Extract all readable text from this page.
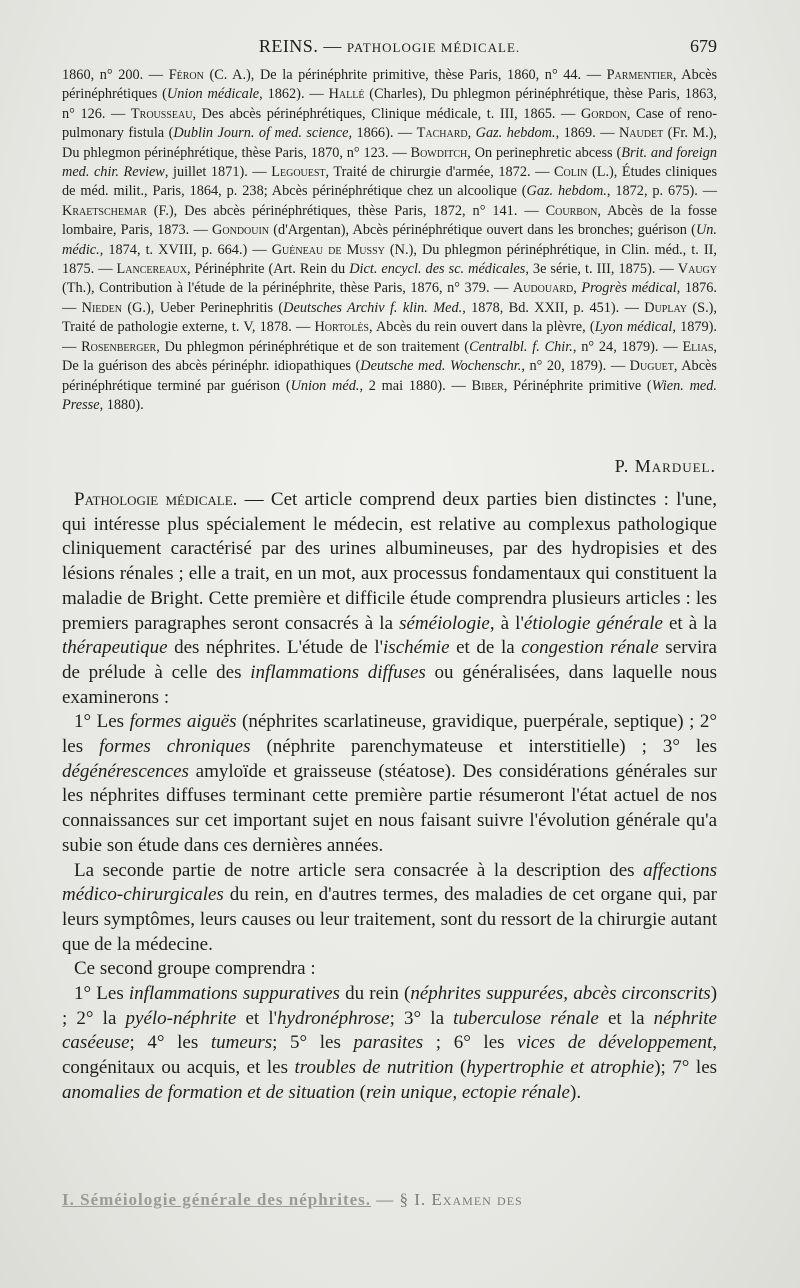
REINS. — PATHOLOGIE MÉDICALE.	679

1860, n° 200. — Féron (C. A.), De la périnéphrite primitive, thèse Paris, 1860, n° 44. — Parmentier, Abcès périnéphrétiques (Union médicale, 1862). — Hallé (Charles), Du phlegmon périnéphrétique, thèse Paris, 1863, n° 126. — Trousseau, Des abcès périnéphrétiques, Clinique médicale, t. III, 1865. — Gordon, Case of reno-pulmonary fistula (Dublin Journ. of med. science, 1866). — Tachard, Gaz. hebdom., 1869. — Naudet (Fr. M.), Du phlegmon périnéphrétique, thèse Paris, 1870, n° 123. — Bowditch, On perinephretic abcess (Brit. and foreign med. chir. Review, juillet 1871). — Legouest, Traité de chirurgie d'armée, 1872. — Colin (L.), Études cliniques de méd. milit., Paris, 1864, p. 238; Abcès périnéphrétique chez un alcoolique (Gaz. hebdom., 1872, p. 675). — Kraetschemar (F.), Des abcès périnéphrétiques, thèse Paris, 1872, n° 141. — Courbon, Abcès de la fosse lombaire, Paris, 1873. — Gondouin (d'Argentan), Abcès périnéphrétique ouvert dans les bronches; guérison (Un. médic., 1874, t. XVIII, p. 664.) — Guéneau de Mussy (N.), Du phlegmon périnéphrétique, in Clin. méd., t. II, 1875. — Lancereaux, Périnéphrite (Art. Rein du Dict. encycl. des sc. médicales, 3e série, t. III, 1875). — Vaugy (Th.), Contribution à l'étude de la périnéphrite, thèse Paris, 1876, n° 379. — Audouard, Progrès médical, 1876. — Nieden (G.), Ueber Perinephritis (Deutsches Archiv f. klin. Med., 1878, Bd. XXII, p. 451). — Duplay (S.), Traité de pathologie externe, t. V, 1878. — Hortolès, Abcès du rein ouvert dans la plèvre, (Lyon médical, 1879). — Rosenberger, Du phlegmon périnéphrétique et de son traitement (Centralbl. f. Chir., n° 24, 1879). — Elias, De la guérison des abcès périnéphr. idiopathiques (Deutsche med. Wochenschr., n° 20, 1879). — Duguet, Abcès périnéphrétique terminé par guérison (Union méd., 2 mai 1880). — Biber, Périnéphrite primitive (Wien. med. Presse, 1880).

P. Marduel.

Pathologie médicale. — Cet article comprend deux parties bien distinctes : l'une, qui intéresse plus spécialement le médecin, est relative au complexus pathologique cliniquement caractérisé par des urines albumineuses, par des hydropisies et des lésions rénales ; elle a trait, en un mot, aux processus fondamentaux qui constituent la maladie de Bright. Cette première et difficile étude comprendra plusieurs articles : les premiers paragraphes seront consacrés à la séméiologie, à l'étiologie générale et à la thérapeutique des néphrites. L'étude de l'ischémie et de la congestion rénale servira de prélude à celle des inflammations diffuses ou généralisées, dans laquelle nous examinerons :

1° Les formes aiguës (néphrites scarlatineuse, gravidique, puerpérale, septique) ; 2° les formes chroniques (néphrite parenchymateuse et interstitielle) ; 3° les dégénérescences amyloïde et graisseuse (stéatose). Des considérations générales sur les néphrites diffuses terminant cette première partie résumeront l'état actuel de nos connaissances sur cet important sujet en nous faisant suivre l'évolution générale qu'a subie son étude dans ces dernières années.

La seconde partie de notre article sera consacrée à la description des affections médico-chirurgicales du rein, en d'autres termes, des maladies de cet organe qui, par leurs symptômes, leurs causes ou leur traitement, sont du ressort de la chirurgie autant que de la médecine.

Ce second groupe comprendra :

1° Les inflammations suppuratives du rein (néphrites suppurées, abcès circonscrits) ; 2° la pyélo-néphrite et l'hydronéphrose; 3° la tuberculose rénale et la néphrite caséeuse; 4° les tumeurs; 5° les parasites ; 6° les vices de développement, congénitaux ou acquis, et les troubles de nutrition (hypertrophie et atrophie); 7° les anomalies de formation et de situation (rein unique, ectopie rénale).

I. Séméiologie générale des néphrites. — § I. Examen des
